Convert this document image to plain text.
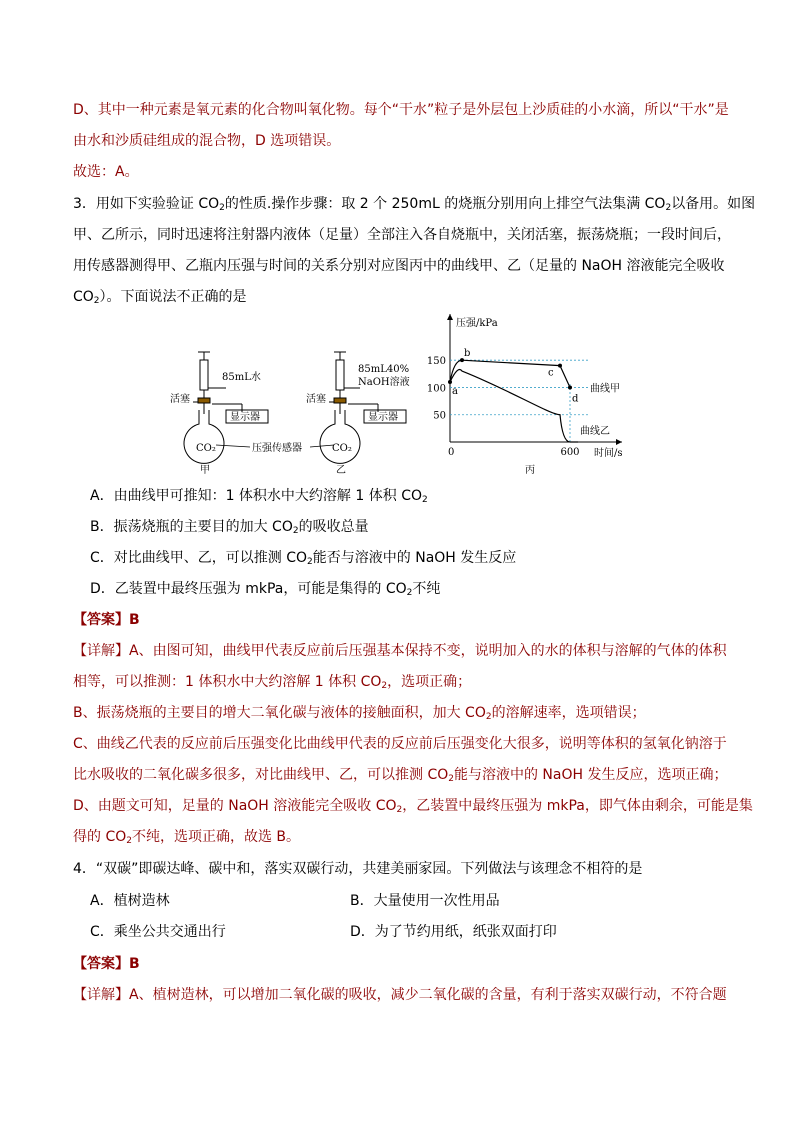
D、其中一种元素是氧元素的化合物叫氧化物。每个“干水”粒子是外层包上沙质硅的小水滴，所以“干水”是
由水和沙质硅组成的混合物，D 选项错误。
故选：A。
3．用如下实验验证 $CO_2$的性质.操作步骤：取 2 个 250mL 的烧瓶分别用向上排空气法集满 $CO_2$以备用。如图
甲、乙所示，同时迅速将注射器内液体（足量）全部注入各自烧瓶中，关闭活塞，振荡烧瓶；一段时间后，
用传感器测得甲、乙瓶内压强与时间的关系分别对应图丙中的曲线甲、乙（足量的 NaOH 溶液能完全吸收
$CO_2$）。下面说法不正确的是
85mL水
活塞
显示器
CO₂
甲
压强传感器
85mL40%
NaOH溶液
活塞
显示器
CO₂
乙
压强/kPa
时间/s
150
100
50
0	600
a
b
c
d
曲线甲
曲线乙
丙
A．由曲线甲可推知：1 体积水中大约溶解 1 体积 $CO_2$
B．振荡烧瓶的主要目的加大 $CO_2$的吸收总量
C．对比曲线甲、乙，可以推测 $CO_2$能否与溶液中的 NaOH 发生反应
D．乙装置中最终压强为 mkPa，可能是集得的 $CO_2$不纯
【答案】B
【详解】A、由图可知，曲线甲代表反应前后压强基本保持不变，说明加入的水的体积与溶解的气体的体积
相等，可以推测：1 体积水中大约溶解 1 体积 $CO_2$，选项正确；
B、振荡烧瓶的主要目的增大二氧化碳与液体的接触面积，加大 $CO_2$的溶解速率，选项错误；
C、曲线乙代表的反应前后压强变化比曲线甲代表的反应前后压强变化大很多，说明等体积的氢氧化钠溶于
比水吸收的二氧化碳多很多，对比曲线甲、乙，可以推测 $CO_2$能与溶液中的 NaOH 发生反应，选项正确；
D、由题文可知，足量的 NaOH 溶液能完全吸收 $CO_2$，乙装置中最终压强为 mkPa，即气体由剩余，可能是集
得的 $CO_2$不纯，选项正确，故选 B。
4．“双碳”即碳达峰、碳中和，落实双碳行动，共建美丽家园。下列做法与该理念不相符的是
A．植树造林	B．大量使用一次性用品
C．乘坐公共交通出行	D．为了节约用纸，纸张双面打印
【答案】B
【详解】A、植树造林，可以增加二氧化碳的吸收，减少二氧化碳的含量，有利于落实双碳行动，不符合题
